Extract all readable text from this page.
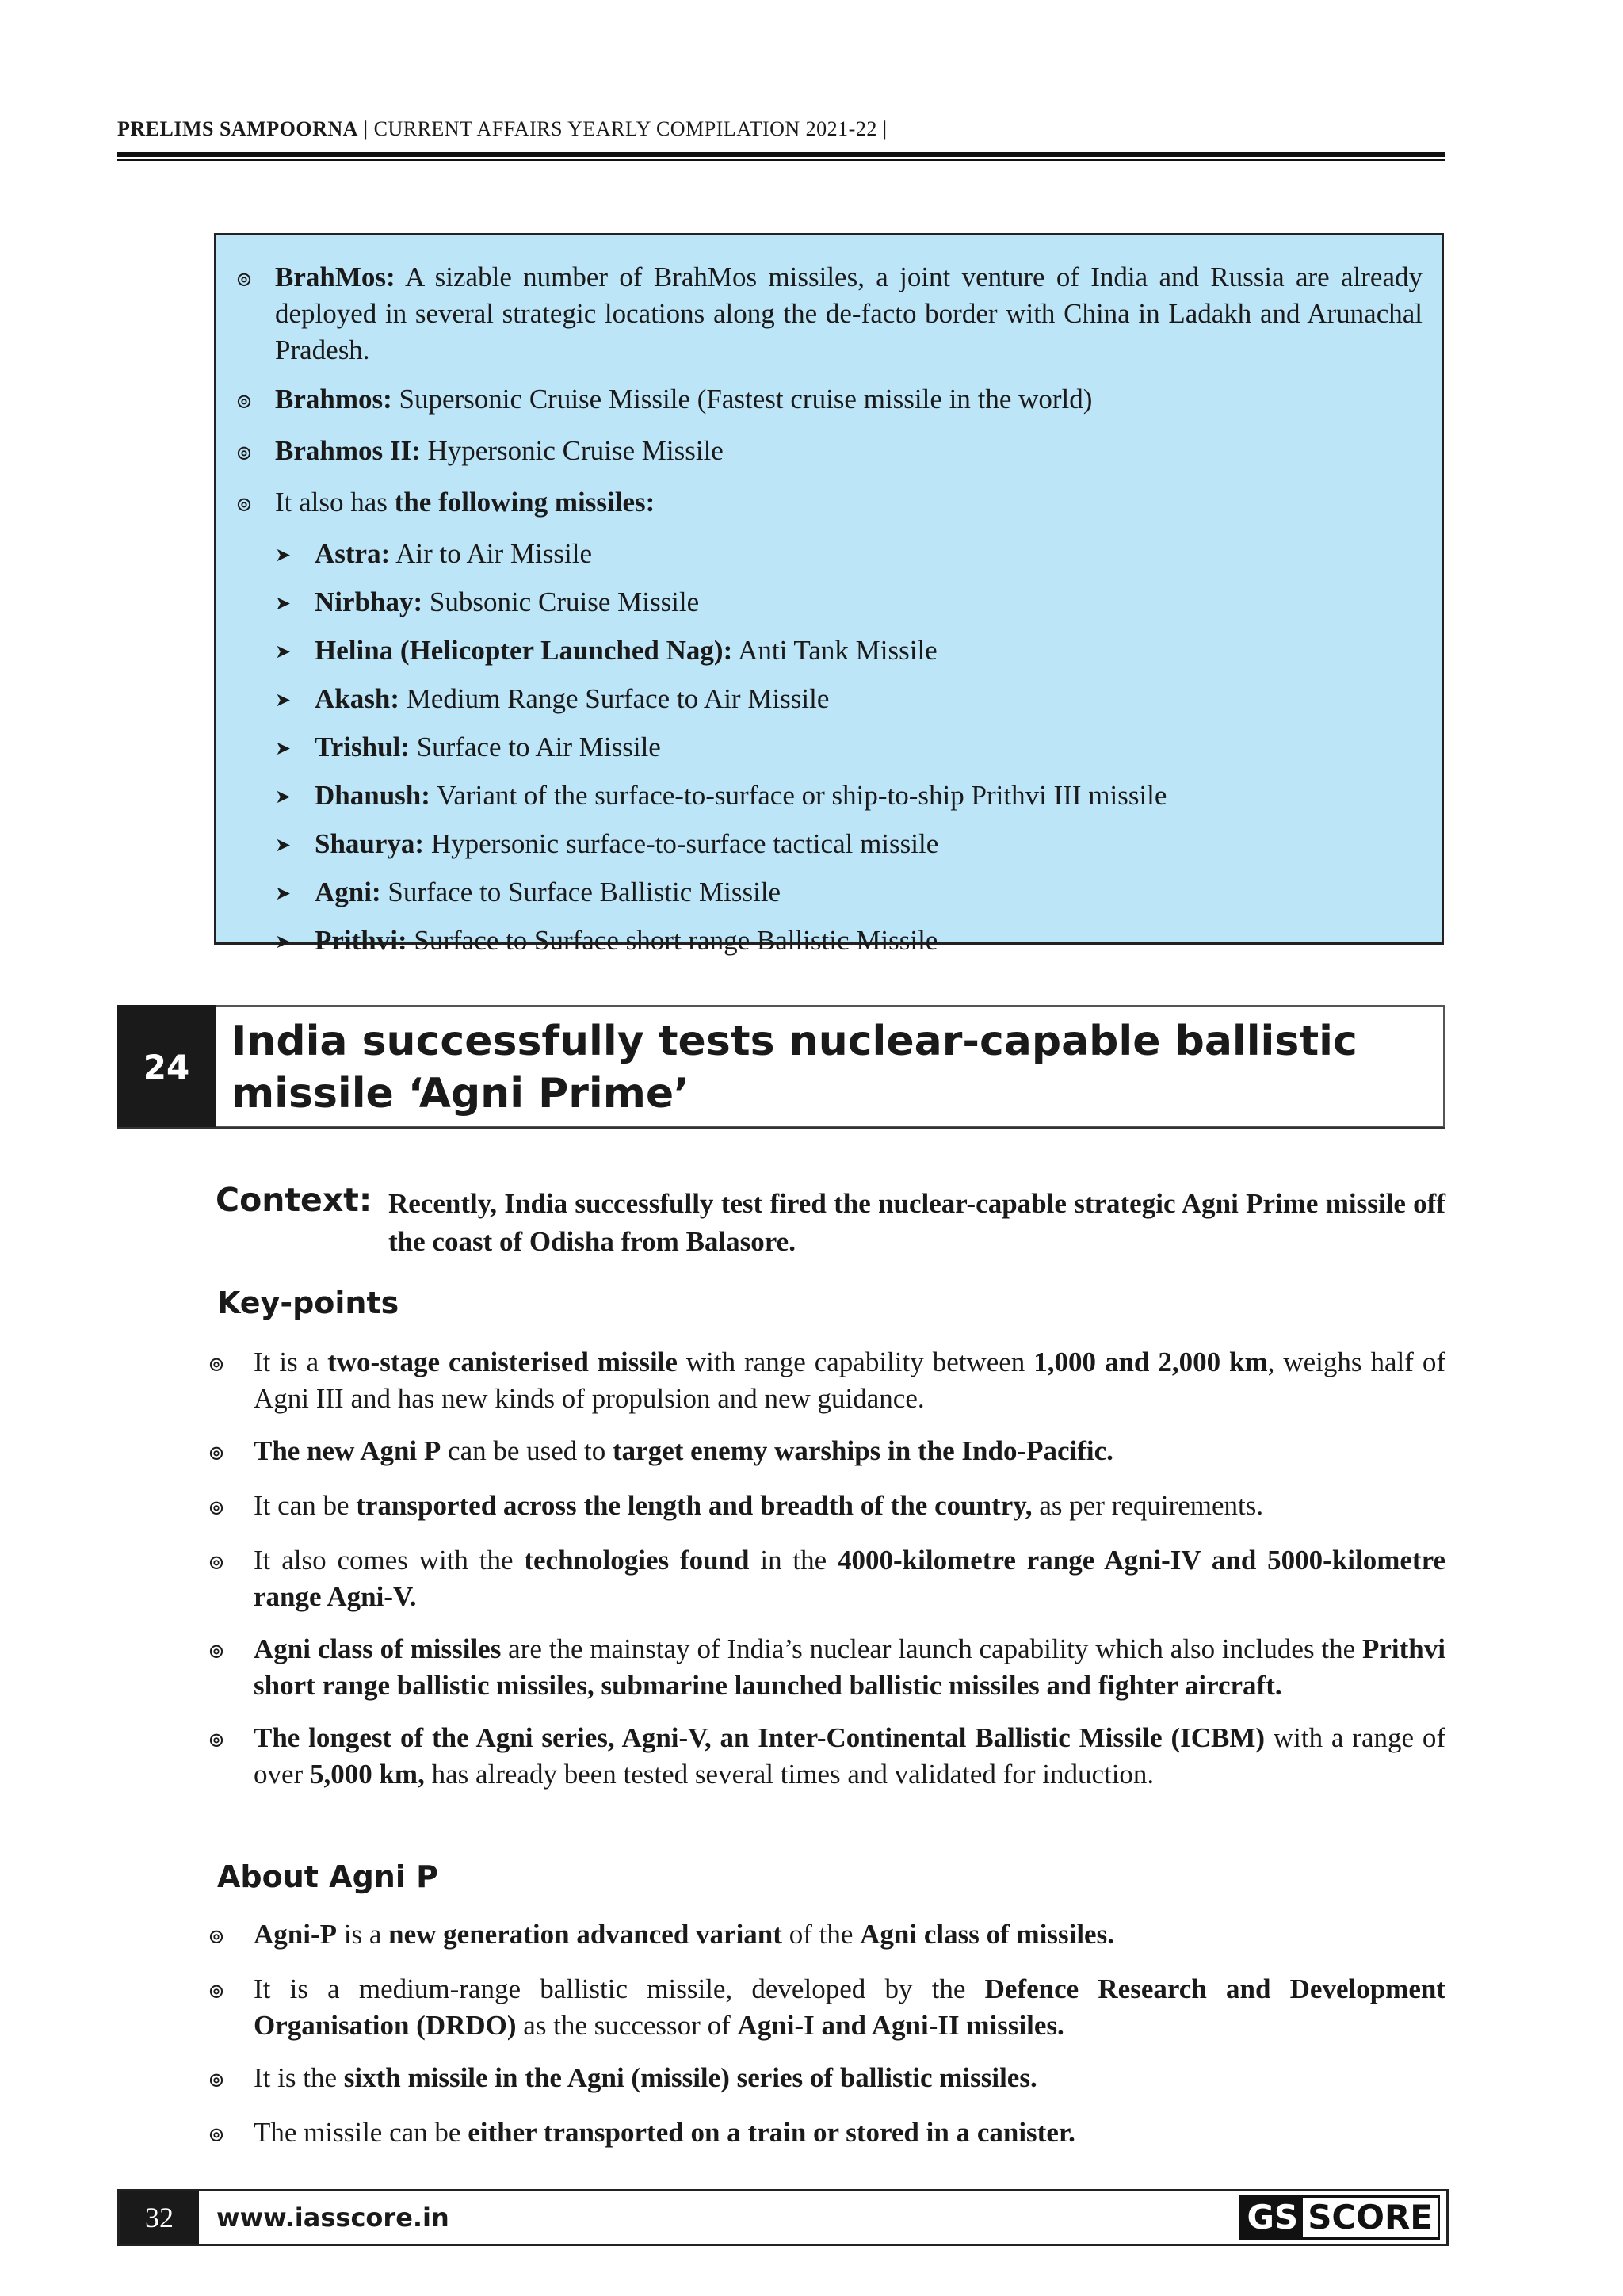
PRELIMS SAMPOORNA | CURRENT AFFAIRS YEARLY COMPILATION 2021-22 |
⊚ BrahMos: A sizable number of BrahMos missiles, a joint venture of India and Russia are already deployed in several strategic locations along the de-facto border with China in Ladakh and Arunachal Pradesh.
⊚ Brahmos: Supersonic Cruise Missile (Fastest cruise missile in the world)
⊚ Brahmos II: Hypersonic Cruise Missile
⊚ It also has the following missiles:
➤ Astra: Air to Air Missile
➤ Nirbhay: Subsonic Cruise Missile
➤ Helina (Helicopter Launched Nag): Anti Tank Missile
➤ Akash: Medium Range Surface to Air Missile
➤ Trishul: Surface to Air Missile
➤ Dhanush: Variant of the surface-to-surface or ship-to-ship Prithvi III missile
➤ Shaurya: Hypersonic surface-to-surface tactical missile
➤ Agni: Surface to Surface Ballistic Missile
➤ Prithvi: Surface to Surface short range Ballistic Missile
24
India successfully tests nuclear-capable ballistic missile ‘Agni Prime’
Context: Recently, India successfully test fired the nuclear-capable strategic Agni Prime missile off the coast of Odisha from Balasore.
Key-points
⊚	It is a two-stage canisterised missile with range capability between 1,000 and 2,000 km, weighs half of Agni III and has new kinds of propulsion and new guidance.
⊚	The new Agni P can be used to target enemy warships in the Indo-Pacific.
⊚	It can be transported across the length and breadth of the country, as per requirements.
⊚	It also comes with the technologies found in the 4000-kilometre range Agni-IV and 5000-kilometre range Agni-V.
⊚	Agni class of missiles are the mainstay of India’s nuclear launch capability which also includes the Prithvi short range ballistic missiles, submarine launched ballistic missiles and fighter aircraft.
⊚	The longest of the Agni series, Agni-V, an Inter-Continental Ballistic Missile (ICBM) with a range of over 5,000 km, has already been tested several times and validated for induction.
About Agni P
⊚	Agni-P is a new generation advanced variant of the Agni class of missiles.
⊚	It is a medium-range ballistic missile, developed by the Defence Research and Development Organisation (DRDO) as the successor of Agni-I and Agni-II missiles.
⊚	It is the sixth missile in the Agni (missile) series of ballistic missiles.
⊚	The missile can be either transported on a train or stored in a canister.
32	www.iasscore.in	GS SCORE
